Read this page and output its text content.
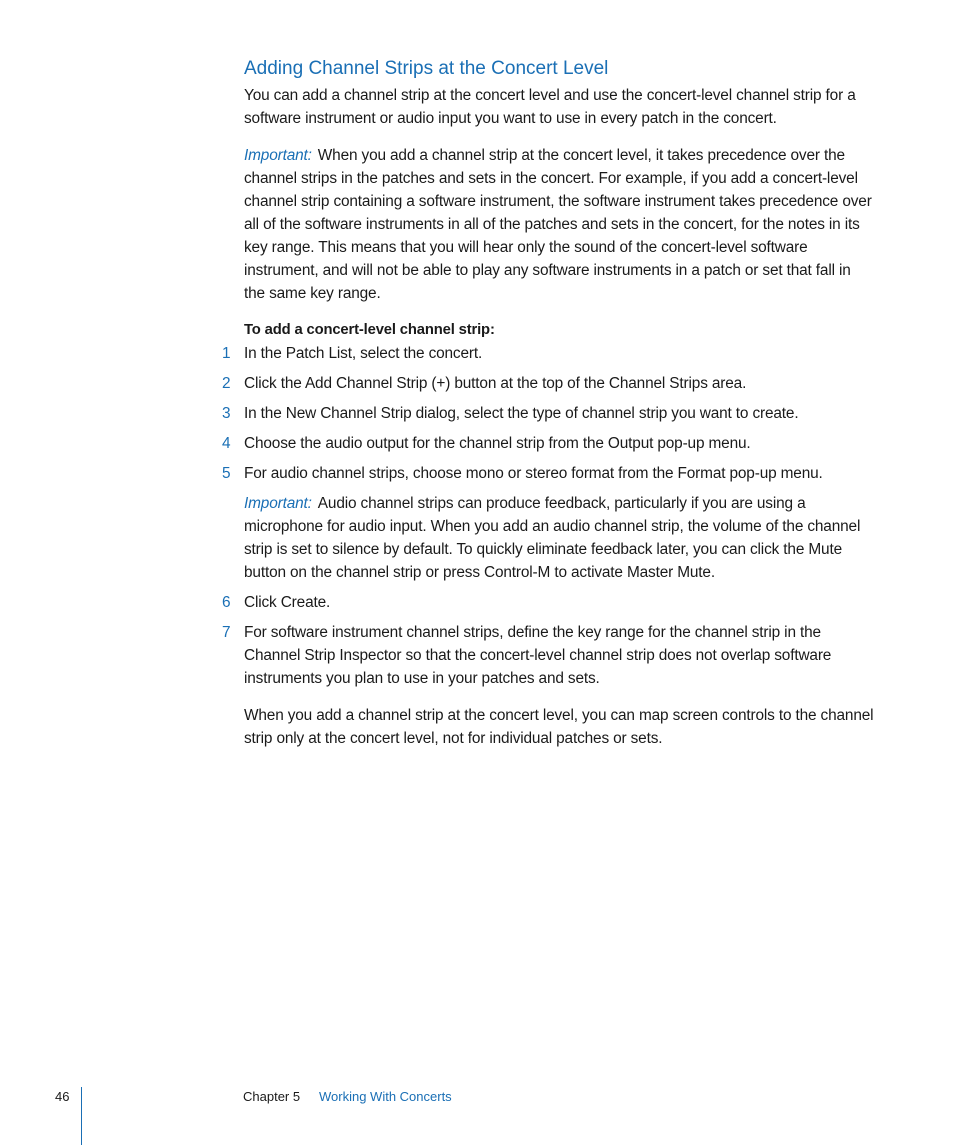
Adding Channel Strips at the Concert Level

You can add a channel strip at the concert level and use the concert-level channel strip for a software instrument or audio input you want to use in every patch in the concert.

Important: When you add a channel strip at the concert level, it takes precedence over the channel strips in the patches and sets in the concert. For example, if you add a concert-level channel strip containing a software instrument, the software instrument takes precedence over all of the software instruments in all of the patches and sets in the concert, for the notes in its key range. This means that you will hear only the sound of the concert-level software instrument, and will not be able to play any software instruments in a patch or set that fall in the same key range.

To add a concert-level channel strip:

1 In the Patch List, select the concert.

2 Click the Add Channel Strip (+) button at the top of the Channel Strips area.

3 In the New Channel Strip dialog, select the type of channel strip you want to create.

4 Choose the audio output for the channel strip from the Output pop-up menu.

5 For audio channel strips, choose mono or stereo format from the Format pop-up menu.

Important: Audio channel strips can produce feedback, particularly if you are using a microphone for audio input. When you add an audio channel strip, the volume of the channel strip is set to silence by default. To quickly eliminate feedback later, you can click the Mute button on the channel strip or press Control-M to activate Master Mute.

6 Click Create.

7 For software instrument channel strips, define the key range for the channel strip in the Channel Strip Inspector so that the concert-level channel strip does not overlap software instruments you plan to use in your patches and sets.

When you add a channel strip at the concert level, you can map screen controls to the channel strip only at the concert level, not for individual patches or sets.

46	Chapter 5 Working With Concerts
